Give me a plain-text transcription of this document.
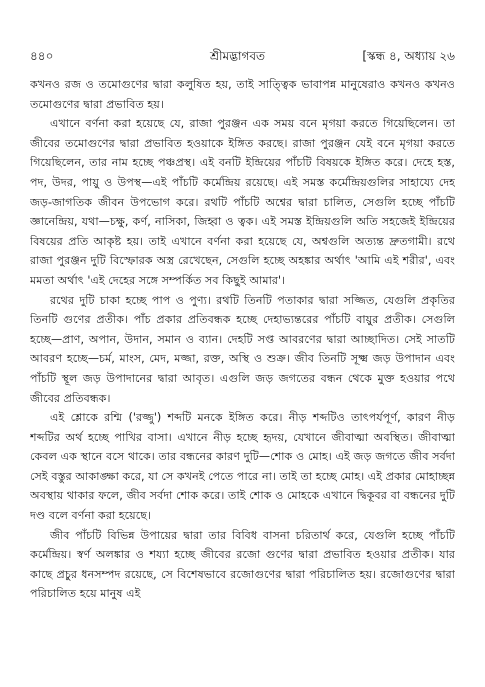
৪৪০	শ্রীমদ্ভাগবত	[স্কন্ধ ৪, অধ্যায় ২৬

কখনও রজ ও তমোগুণের দ্বারা কলুষিত হয়, তাই সাত্ত্বিক ভাবাপন্ন মানুষেরাও কখনও কখনও তমোগুণের দ্বারা প্রভাবিত হয়।

এখানে বর্ণনা করা হয়েছে যে, রাজা পুরঞ্জন এক সময় বনে মৃগয়া করতে গিয়েছিলেন। তা জীবের তমোগুণের দ্বারা প্রভাবিত হওয়াকে ইঙ্গিত করছে। রাজা পুরঞ্জন যেই বনে মৃগয়া করতে গিয়েছিলেন, তার নাম হচ্ছে পঞ্চপ্রস্থ। এই বনটি ইন্দ্রিয়ের পাঁচটি বিষয়কে ইঙ্গিত করে। দেহে হস্ত, পদ, উদর, পায়ু ও উপস্থ—এই পাঁচটি কর্মেন্দ্রিয় রয়েছে। এই সমস্ত কর্মেন্দ্রিয়গুলির সাহায্যে দেহ জড়-জাগতিক জীবন উপভোগ করে। রথটি পাঁচটি অশ্বের দ্বারা চালিত, সেগুলি হচ্ছে পাঁচটি জ্ঞানেন্দ্রিয়, যথা—চক্ষু, কর্ণ, নাসিকা, জিহ্বা ও ত্বক। এই সমস্ত ইন্দ্রিয়গুলি অতি সহজেই ইন্দ্রিয়ের বিষয়ের প্রতি আকৃষ্ট হয়। তাই এখানে বর্ণনা করা হয়েছে যে, অশ্বগুলি অত্যন্ত দ্রুতগামী। রথে রাজা পুরঞ্জন দুটি বিস্ফোরক অস্ত্র রেখেছেন, সেগুলি হচ্ছে অহঙ্কার অর্থাৎ 'আমি এই শরীর', এবং মমতা অর্থাৎ 'এই দেহের সঙ্গে সম্পর্কিত সব কিছুই আমার'।

রথের দুটি চাকা হচ্ছে পাপ ও পুণ্য। রথটি তিনটি পতাকার দ্বারা সজ্জিত, যেগুলি প্রকৃতির তিনটি গুণের প্রতীক। পাঁচ প্রকার প্রতিবন্ধক হচ্ছে দেহাভ্যন্তরের পাঁচটি বায়ুর প্রতীক। সেগুলি হচ্ছে—প্রাণ, অপান, উদান, সমান ও ব্যান। দেহটি সপ্ত আবরণের দ্বারা আচ্ছাদিত। সেই সাতটি আবরণ হচ্ছে—চর্ম, মাংস, মেদ, মজ্জা, রক্ত, অস্থি ও শুক্র। জীব তিনটি সূক্ষ্ম জড় উপাদান এবং পাঁচটি স্থূল জড় উপাদানের দ্বারা আবৃত। এগুলি জড় জগতের বন্ধন থেকে মুক্ত হওয়ার পথে জীবের প্রতিবন্ধক।

এই শ্লোকে রশ্মি ('রজ্জু') শব্দটি মনকে ইঙ্গিত করে। নীড় শব্দটিও তাৎপর্যপূর্ণ, কারণ নীড় শব্দটির অর্থ হচ্ছে পাখির বাসা। এখানে নীড় হচ্ছে হৃদয়, যেখানে জীবাত্মা অবস্থিত। জীবাত্মা কেবল এক স্থানে বসে থাকে। তার বন্ধনের কারণ দুটি—শোক ও মোহ। এই জড় জগতে জীব সর্বদা সেই বস্তুর আকাঙ্ক্ষা করে, যা সে কখনই পেতে পারে না। তাই তা হচ্ছে মোহ। এই প্রকার মোহাচ্ছন্ন অবস্থায় থাকার ফলে, জীব সর্বদা শোক করে। তাই শোক ও মোহকে এখানে দ্বিকূবর বা বন্ধনের দুটি দণ্ড বলে বর্ণনা করা হয়েছে।

জীব পাঁচটি বিভিন্ন উপায়ের দ্বারা তার বিবিধ বাসনা চরিতার্থ করে, যেগুলি হচ্ছে পাঁচটি কর্মেন্দ্রিয়। স্বর্ণ অলঙ্কার ও শয্যা হচ্ছে জীবের রজো গুণের দ্বারা প্রভাবিত হওয়ার প্রতীক। যার কাছে প্রচুর ধনসম্পদ রয়েছে, সে বিশেষভাবে রজোগুণের দ্বারা পরিচালিত হয়। রজোগুণের দ্বারা পরিচালিত হয়ে মানুষ এই
